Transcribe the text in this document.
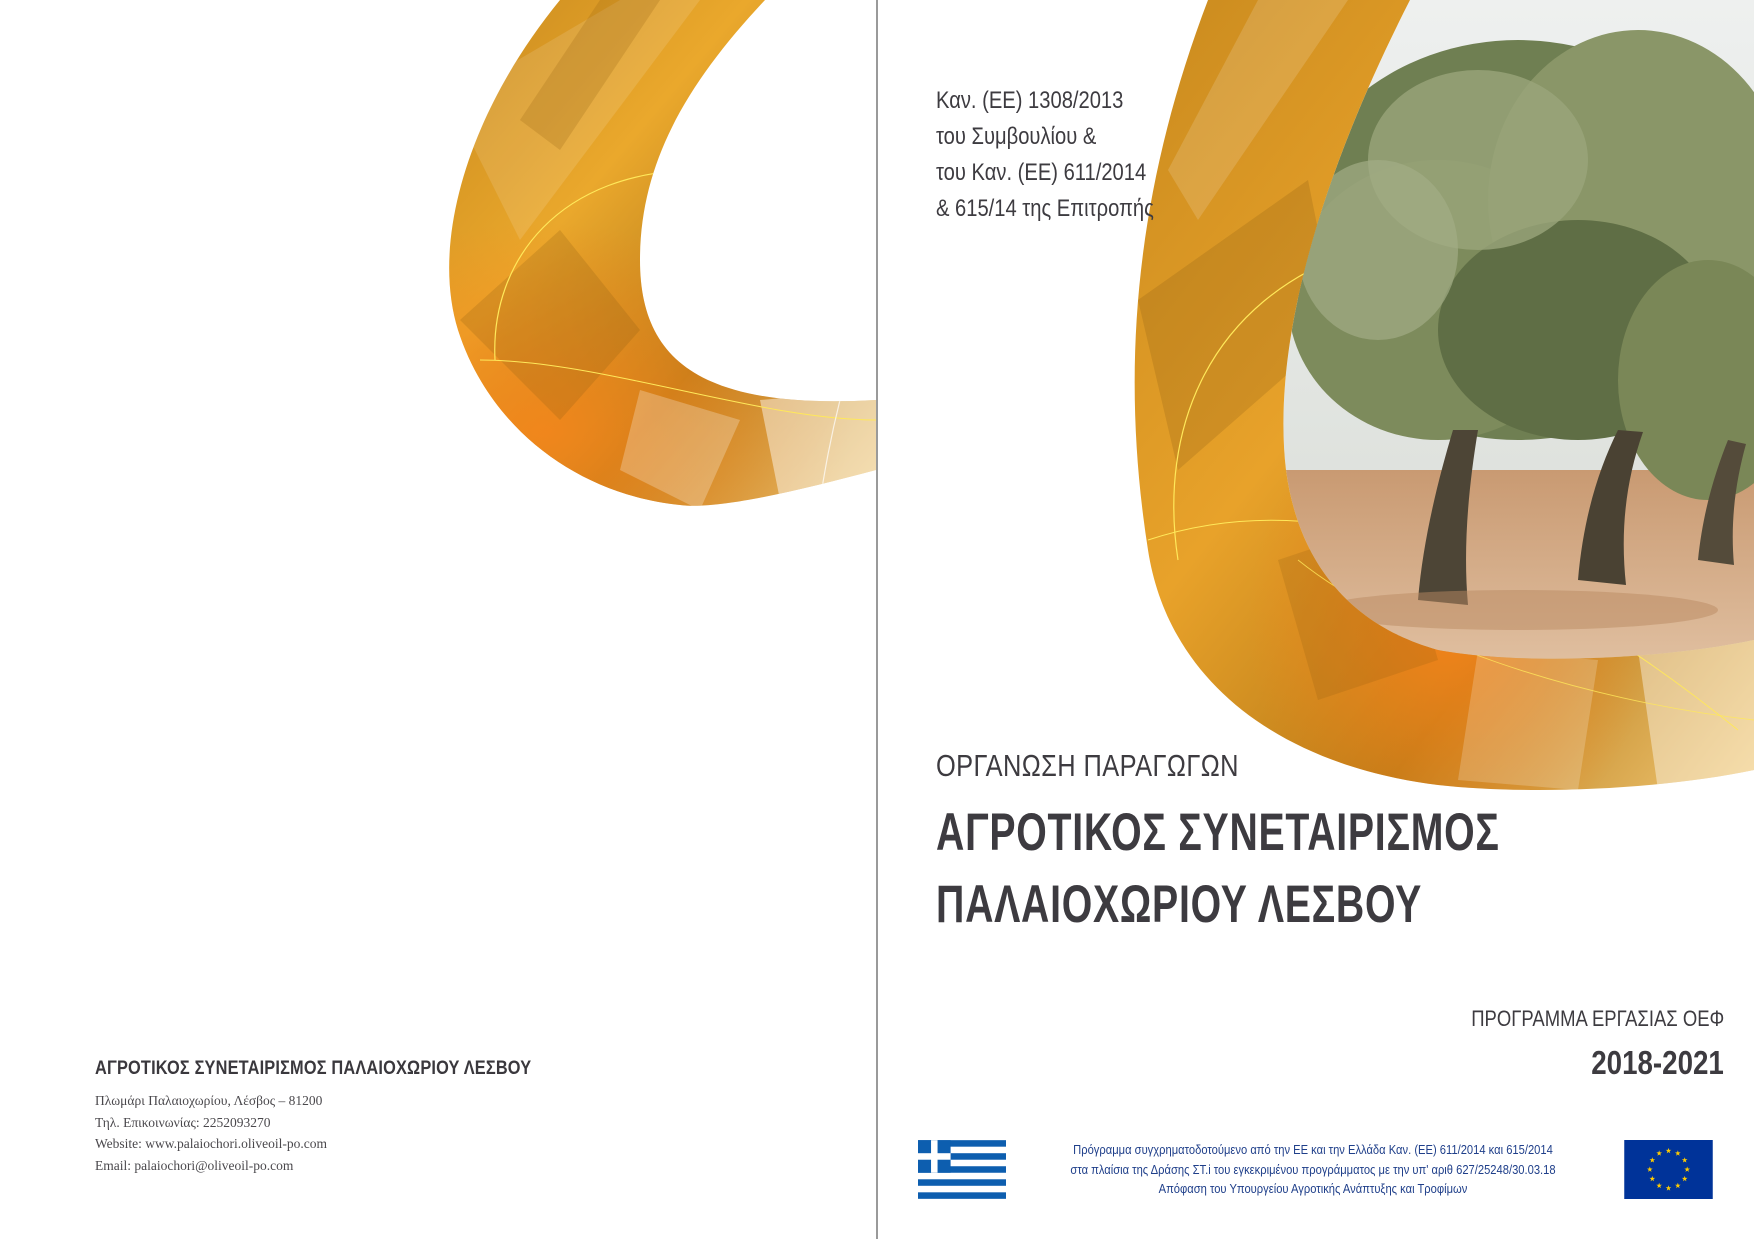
ΑΓΡΟΤΙΚΟΣ ΣΥΝΕΤΑΙΡΙΣΜΟΣ ΠΑΛΑΙΟΧΩΡΙΟΥ ΛΕΣΒΟΥ

Πλωμάρι Παλαιοχωρίου, Λέσβος – 81200

Τηλ. Επικοινωνίας: 2252093270

Website: www.palaiochori.oliveoil-po.com

Email: palaiochori@oliveoil-po.com

Καν. (ΕΕ) 1308/2013

του Συμβουλίου &

του Καν. (ΕΕ) 611/2014

& 615/14 της Επιτροπής

ΟΡΓΑΝΩΣΗ ΠΑΡΑΓΩΓΩΝ
ΑΓΡΟΤΙΚΟΣ ΣΥΝΕΤΑΙΡΙΣΜΟΣ
ΠΑΛΑΙΟΧΩΡΙΟΥ ΛΕΣΒΟΥ
ΠΡΟΓΡΑΜΜΑ ΕΡΓΑΣΙΑΣ ΟΕΦ
2018-2021

Πρόγραμμα συγχρηματοδοτούμενο από την ΕΕ και την Ελλάδα Καν. (ΕΕ) 611/2014 και 615/2014

στα πλαίσια της Δράσης ΣΤ.i του εγκεκριμένου προγράμματος με την υπ' αριθ 627/25248/30.03.18

Απόφαση του Υπουργείου Αγροτικής Ανάπτυξης και Τροφίμων
